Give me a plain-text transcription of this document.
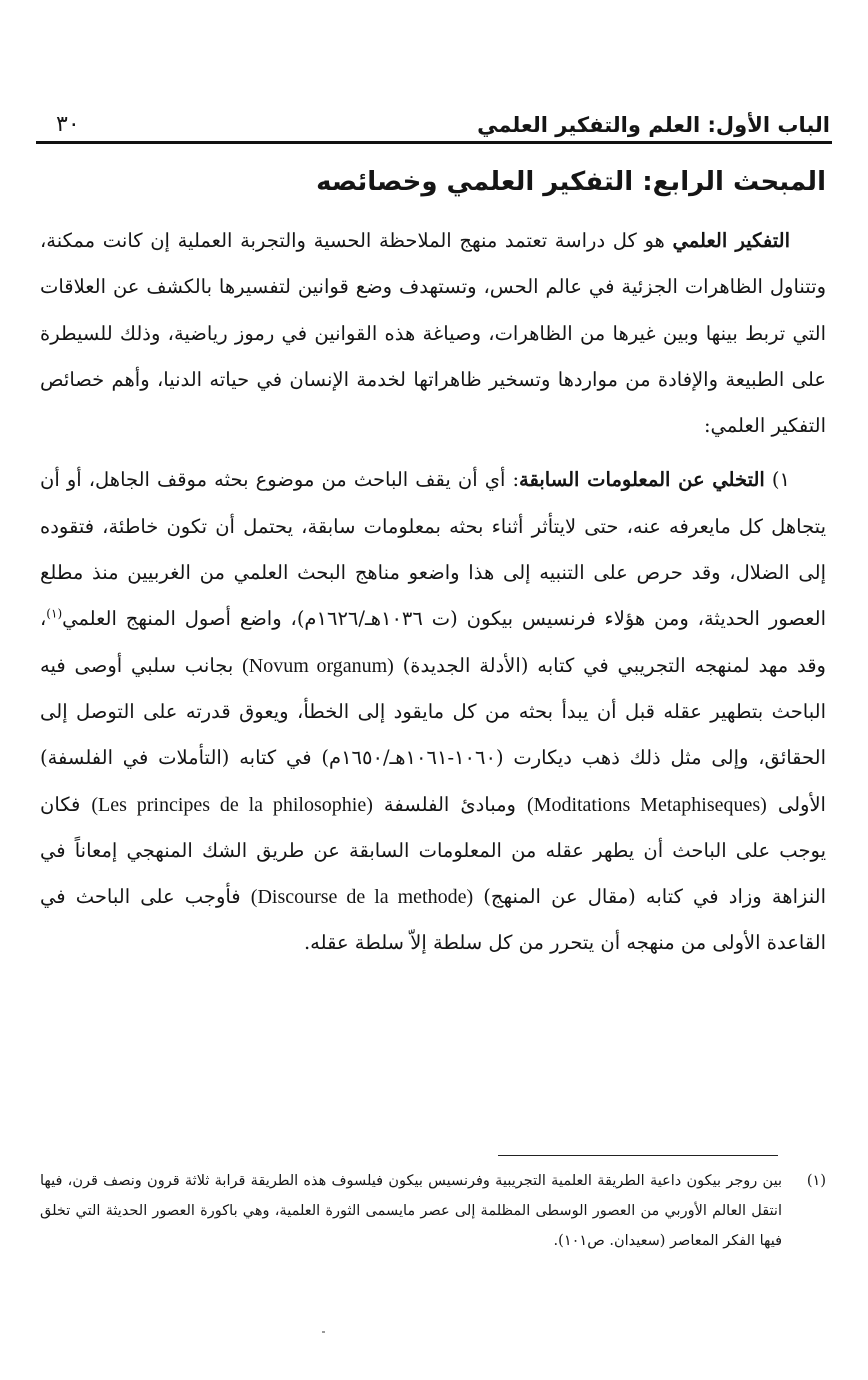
الباب الأول: العلم والتفكير العلمي
٣٠
المبحث الرابع: التفكير العلمي وخصائصه

التفكير العلمي هو كل دراسة تعتمد منهج الملاحظة الحسية والتجربة العملية إن كانت ممكنة، وتتناول الظاهرات الجزئية في عالم الحس، وتستهدف وضع قوانين لتفسيرها بالكشف عن العلاقات التي تربط بينها وبين غيرها من الظاهرات، وصياغة هذه القوانين في رموز رياضية، وذلك للسيطرة على الطبيعة والإفادة من مواردها وتسخير ظاهراتها لخدمة الإنسان في حياته الدنيا، وأهم خصائص التفكير العلمي:

١) التخلي عن المعلومات السابقة: أي أن يقف الباحث من موضوع بحثه موقف الجاهل، أو أن يتجاهل كل مايعرفه عنه، حتى لايتأثر أثناء بحثه بمعلومات سابقة، يحتمل أن تكون خاطئة، فتقوده إلى الضلال، وقد حرص على التنبيه إلى هذا واضعو مناهج البحث العلمي من الغربيين منذ مطلع العصور الحديثة، ومن هؤلاء فرنسيس بيكون (ت ١٠٣٦هـ/١٦٢٦م)، واضع أصول المنهج العلمي$^{(١)}$، وقد مهد لمنهجه التجريبي في كتابه (الأدلة الجديدة) (Novum organum) بجانب سلبي أوصى فيه الباحث بتطهير عقله قبل أن يبدأ بحثه من كل مايقود إلى الخطأ، ويعوق قدرته على التوصل إلى الحقائق، وإلى مثل ذلك ذهب ديكارت (١٠٦٠-١٠٦١هـ/١٦٥٠م) في كتابه (التأملات في الفلسفة) الأولى (Moditations Metaphiseques) ومبادئ الفلسفة (Les principes de la philosophie) فكان يوجب على الباحث أن يطهر عقله من المعلومات السابقة عن طريق الشك المنهجي إمعاناً في النزاهة وزاد في كتابه (مقال عن المنهج) (Discourse de la methode) فأوجب على الباحث في القاعدة الأولى من منهجه أن يتحرر من كل سلطة إلاّ سلطة عقله.

(١)
بين روجر بيكون داعية الطريقة العلمية التجريبية وفرنسيس بيكون فيلسوف هذه الطريقة قرابة ثلاثة قرون ونصف قرن، فيها انتقل العالم الأوربي من العصور الوسطى المظلمة إلى عصر مايسمى الثورة العلمية، وهي باكورة العصور الحديثة التي تخلق فيها الفكر المعاصر (سعيدان. ص١٠١).
